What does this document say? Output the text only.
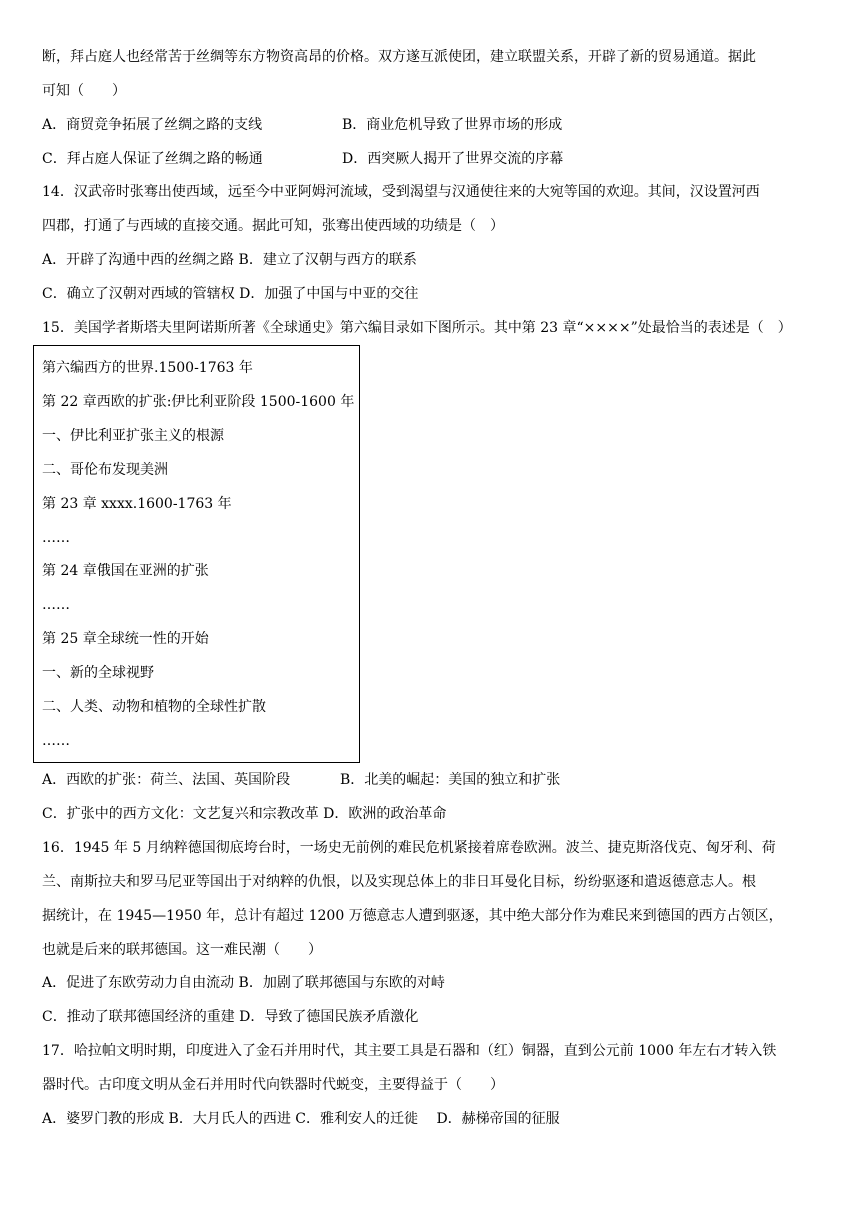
断，拜占庭人也经常苦于丝绸等东方物资高昂的价格。双方遂互派使团，建立联盟关系，开辟了新的贸易通道。据此
可知（　　）
A．商贸竞争拓展了丝绸之路的支线	B．商业危机导致了世界市场的形成
C．拜占庭人保证了丝绸之路的畅通	D．西突厥人揭开了世界交流的序幕
14．汉武帝时张骞出使西域，远至今中亚阿姆河流域，受到渴望与汉通使往来的大宛等国的欢迎。其间，汉设置河西
四郡，打通了与西域的直接交通。据此可知，张骞出使西域的功绩是（　）
A．开辟了沟通中西的丝绸之路 B．建立了汉朝与西方的联系
C．确立了汉朝对西域的管辖权 D．加强了中国与中亚的交往
15．美国学者斯塔夫里阿诺斯所著《全球通史》第六编目录如下图所示。其中第 23 章“××××”处最恰当的表述是（　）
第六编西方的世界.1500-1763 年
第 22 章西欧的扩张:伊比利亚阶段 1500-1600 年
一、伊比利亚扩张主义的根源
二、哥伦布发现美洲
第 23 章 xxxx.1600-1763 年
……
第 24 章俄国在亚洲的扩张
……
第 25 章全球统一性的开始
一、新的全球视野
二、人类、动物和植物的全球性扩散
……
A．西欧的扩张：荷兰、法国、英国阶段	B．北美的崛起：美国的独立和扩张
C．扩张中的西方文化：文艺复兴和宗教改革 D．欧洲的政治革命
16．1945 年 5 月纳粹德国彻底垮台时，一场史无前例的难民危机紧接着席卷欧洲。波兰、捷克斯洛伐克、匈牙利、荷
兰、南斯拉夫和罗马尼亚等国出于对纳粹的仇恨，以及实现总体上的非日耳曼化目标，纷纷驱逐和遣返德意志人。根
据统计，在 1945—1950 年，总计有超过 1200 万德意志人遭到驱逐，其中绝大部分作为难民来到德国的西方占领区，
也就是后来的联邦德国。这一难民潮（　　）
A．促进了东欧劳动力自由流动 B．加剧了联邦德国与东欧的对峙
C．推动了联邦德国经济的重建 D．导致了德国民族矛盾激化
17．哈拉帕文明时期，印度进入了金石并用时代，其主要工具是石器和（红）铜器，直到公元前 1000 年左右才转入铁
器时代。古印度文明从金石并用时代向铁器时代蜕变，主要得益于（　　）
A．婆罗门教的形成 B．大月氏人的西进 C．雅利安人的迁徙　 D．赫梯帝国的征服
